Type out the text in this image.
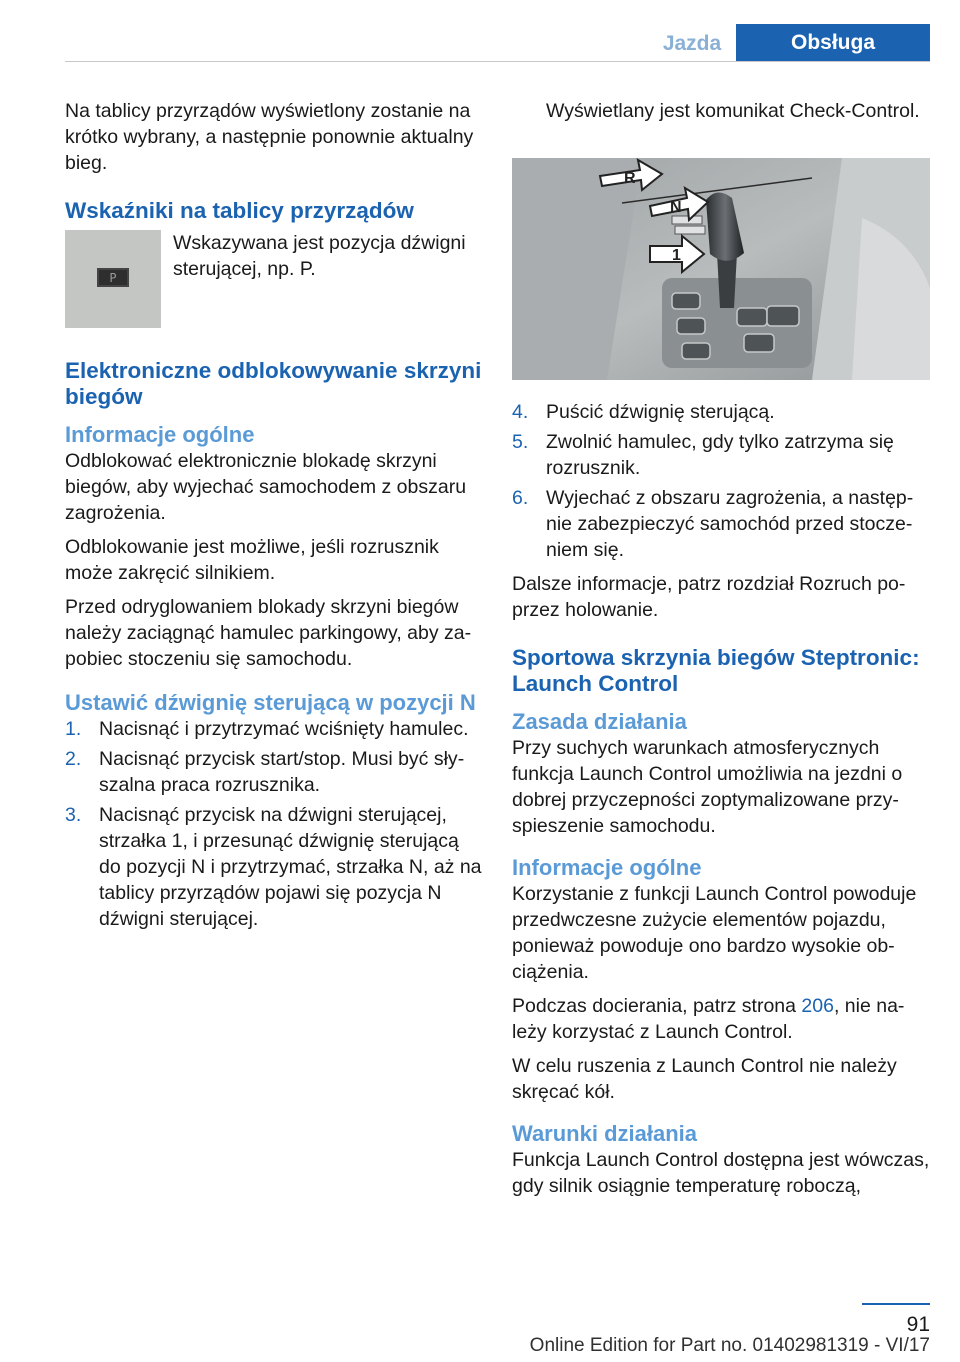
Jazda	Obsługa

Na tablicy przyrządów wyświetlony zostanie na krótko wybrany, a następnie ponownie aktualny bieg.

Wskaźniki na tablicy przyrządów
P
Wskazywana jest pozycja dźwigni sterującej, np. P.
Elektroniczne odblokowywanie skrzyni biegów
Informacje ogólne

Odblokować elektronicznie blokadę skrzyni biegów, aby wyjechać samochodem z obszaru zagrożenia.

Odblokowanie jest możliwe, jeśli rozrusznik może zakręcić silnikiem.

Przed odryglowaniem blokady skrzyni biegów należy zaciągnąć hamulec parkingowy, aby zapobiec stoczeniu się samochodu.

Ustawić dźwignię sterującą w pozycji N
1. Nacisnąć i przytrzymać wciśnięty hamulec.
2. Nacisnąć przycisk start/stop. Musi być słyszalna praca rozrusznika.
3. Nacisnąć przycisk na dźwigni sterującej, strzałka 1, i przesunąć dźwignię sterującą do pozycji N i przytrzymać, strzałka N, aż na tablicy przyrządów pojawi się pozycja N dźwigni sterującej.

Wyświetlany jest komunikat Check-Control.

R
N
1
4. Puścić dźwignię sterującą.
5. Zwolnić hamulec, gdy tylko zatrzyma się rozrusznik.
6. Wyjechać z obszaru zagrożenia, a następnie zabezpieczyć samochód przed stoczeniem się.

Dalsze informacje, patrz rozdział Rozruch poprzez holowanie.

Sportowa skrzynia biegów Steptronic: Launch Control
Zasada działania

Przy suchych warunkach atmosferycznych funkcja Launch Control umożliwia na jezdni o dobrej przyczepności zoptymalizowane przyspieszenie samochodu.

Informacje ogólne

Korzystanie z funkcji Launch Control powoduje przedwczesne zużycie elementów pojazdu, ponieważ powoduje ono bardzo wysokie obciążenia.

Podczas docierania, patrz strona 206, nie należy korzystać z Launch Control.

W celu ruszenia z Launch Control nie należy skręcać kół.

Warunki działania

Funkcja Launch Control dostępna jest wówczas, gdy silnik osiągnie temperaturę roboczą,

91
Online Edition for Part no. 01402981319 - VI/17
